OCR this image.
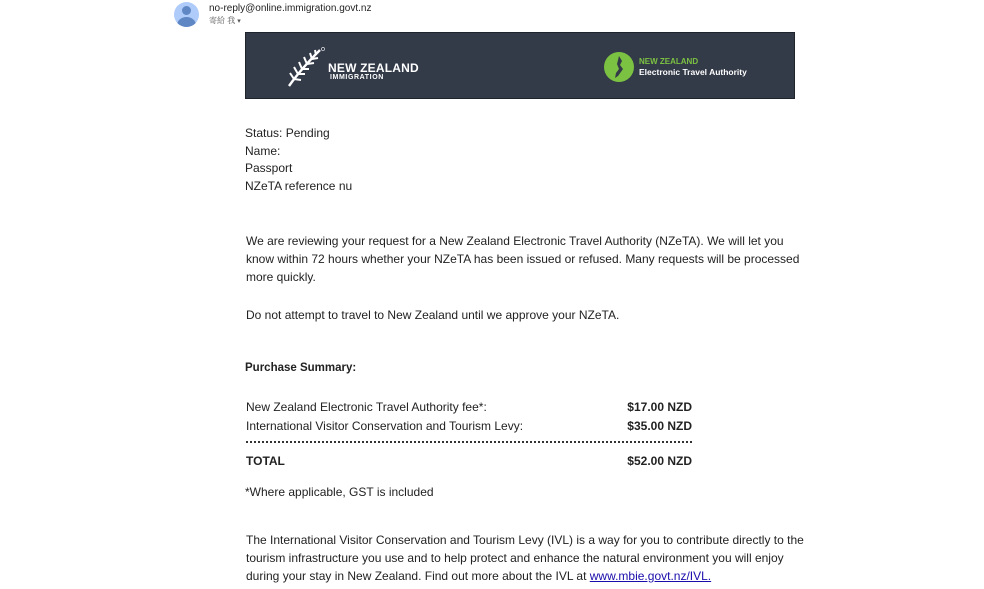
no-reply@online.immigration.govt.nz
寄給 我 ▾
NEW ZEALAND
IMMIGRATION
NEW ZEALAND
Electronic Travel Authority
Status: Pending
Name:
Passport
NZeTA reference nu

We are reviewing your request for a New Zealand Electronic Travel Authority (NZeTA). We will let you know within 72 hours whether your NZeTA has been issued or refused. Many requests will be processed more quickly.

Do not attempt to travel to New Zealand until we approve your NZeTA.

Purchase Summary:
New Zealand Electronic Travel Authority fee*:	$17.00 NZD
International Visitor Conservation and Tourism Levy:	$35.00 NZD
TOTAL	$52.00 NZD
*Where applicable, GST is included

The International Visitor Conservation and Tourism Levy (IVL) is a way for you to contribute directly to the tourism infrastructure you use and to help protect and enhance the natural environment you will enjoy during your stay in New Zealand. Find out more about the IVL at www.mbie.govt.nz/IVL.
